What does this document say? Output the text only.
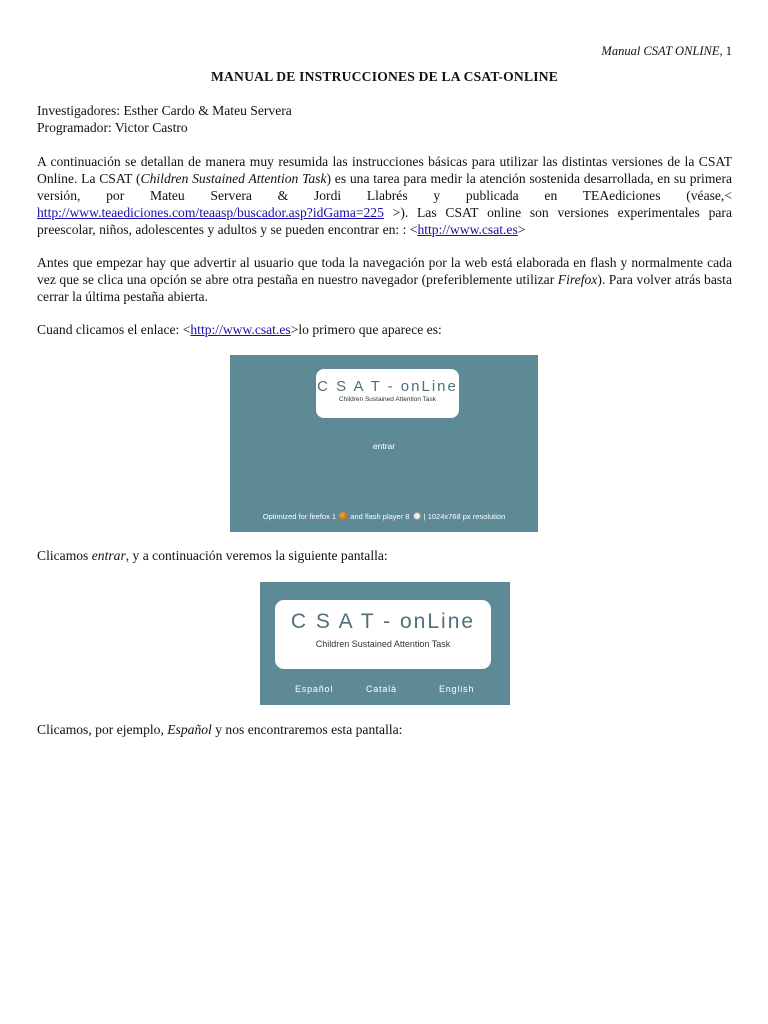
Manual CSAT ONLINE, 1
MANUAL DE INSTRUCCIONES DE LA CSAT-ONLINE
Investigadores: Esther Cardo & Mateu Servera
Programador: Victor Castro

A continuación se detallan de manera muy resumida las instrucciones básicas para utilizar las distintas versiones de la CSAT Online. La CSAT (Children Sustained Attention Task) es una tarea para medir la atención sostenida desarrollada, en su primera versión, por Mateu Servera & Jordi Llabrés y publicada en TEAediciones (véase,< http://www.teaediciones.com/teaasp/buscador.asp?idGama=225 >). Las CSAT online son versiones experimentales para preescolar, niños, adolescentes y adultos y se pueden encontrar en: : <http://www.csat.es>

Antes que empezar hay que advertir al usuario que toda la navegación por la web está elaborada en flash y normalmente cada vez que se clica una opción se abre otra pestaña en nuestro navegador (preferiblemente utilizar Firefox). Para volver atrás basta cerrar la última pestaña abierta.

Cuand clicamos el enlace: <http://www.csat.es>lo primero que aparece es:

C S A T - onLine
Children Sustained Attention Task
entrar
Optimized for firefox 1 and flash player 8 | 1024x768 px resolution

Clicamos entrar, y a continuación veremos la siguiente pantalla:

C S A T - onLine
Children Sustained Attention Task
Español	Català	English

Clicamos, por ejemplo, Español y nos encontraremos esta pantalla:
